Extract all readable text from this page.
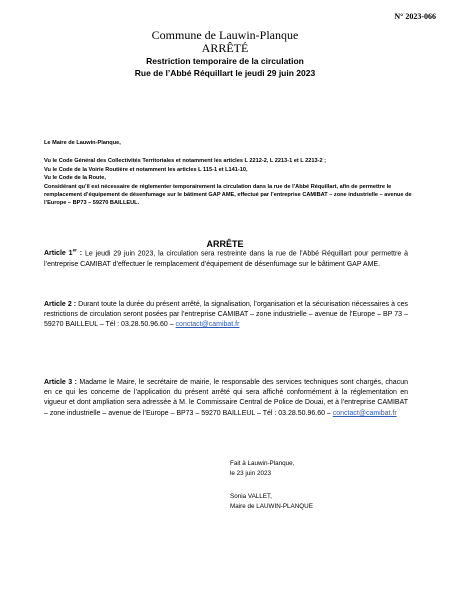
N° 2023-066
Commune de Lauwin-Planque
ARRÊTÉ
Restriction temporaire de la circulation
Rue de l’Abbé Réquillart le jeudi 29 juin 2023

Le Maire de Lauwin-Planque,

Vu le Code Général des Collectivités Territoriales et notamment les articles L 2212-2, L 2213-1 et L 2213-2 ;

Vu le Code de la Voirie Routière et notamment les articles L 115-1 et L141-10,

Vu le Code de la Route,

Considérant qu’il est nécessaire de réglementer temporairement la circulation dans la rue de l’Abbé Réquillart, afin de permettre le remplacement d’équipement de désenfumage sur le bâtiment GAP AME, effectué par l’entreprise CAMIBAT – zone industrielle – avenue de l’Europe – BP73 – 59270 BAILLEUL.

ARRÊTE

Article 1er : Le jeudi 29 juin 2023, la circulation sera restreinte dans la rue de l’Abbé Réquillart pour permettre à l’entreprise CAMIBAT d’effectuer le remplacement d’équipement de désenfumage sur le bâtiment GAP AME.

Article 2 : Durant toute la durée du présent arrêté, la signalisation, l’organisation et la sécurisation nécessaires à ces restrictions de circulation seront posées par l’entreprise CAMIBAT – zone industrielle – avenue de l’Europe – BP 73 – 59270 BAILLEUL – Tél : 03.28.50.96.60 – conctact@camibat.fr

Article 3 : Madame le Maire, le secrétaire de mairie, le responsable des services techniques sont chargés, chacun en ce qui les concerne de l’application du présent arrêté qui sera affiché conformément à la réglementation en vigueur et dont ampliation sera adressée à M. le Commissaire Central de Police de Douai, et à l’entreprise CAMIBAT – zone industrielle – avenue de l’Europe – BP73 – 59270 BAILLEUL – Tél : 03.28.50.96.60 – conctact@camibat.fr

Fait à Lauwin-Planque,
le 23 juin 2023
Sonia VALLET,
Maire de LAUWIN-PLANQUE
